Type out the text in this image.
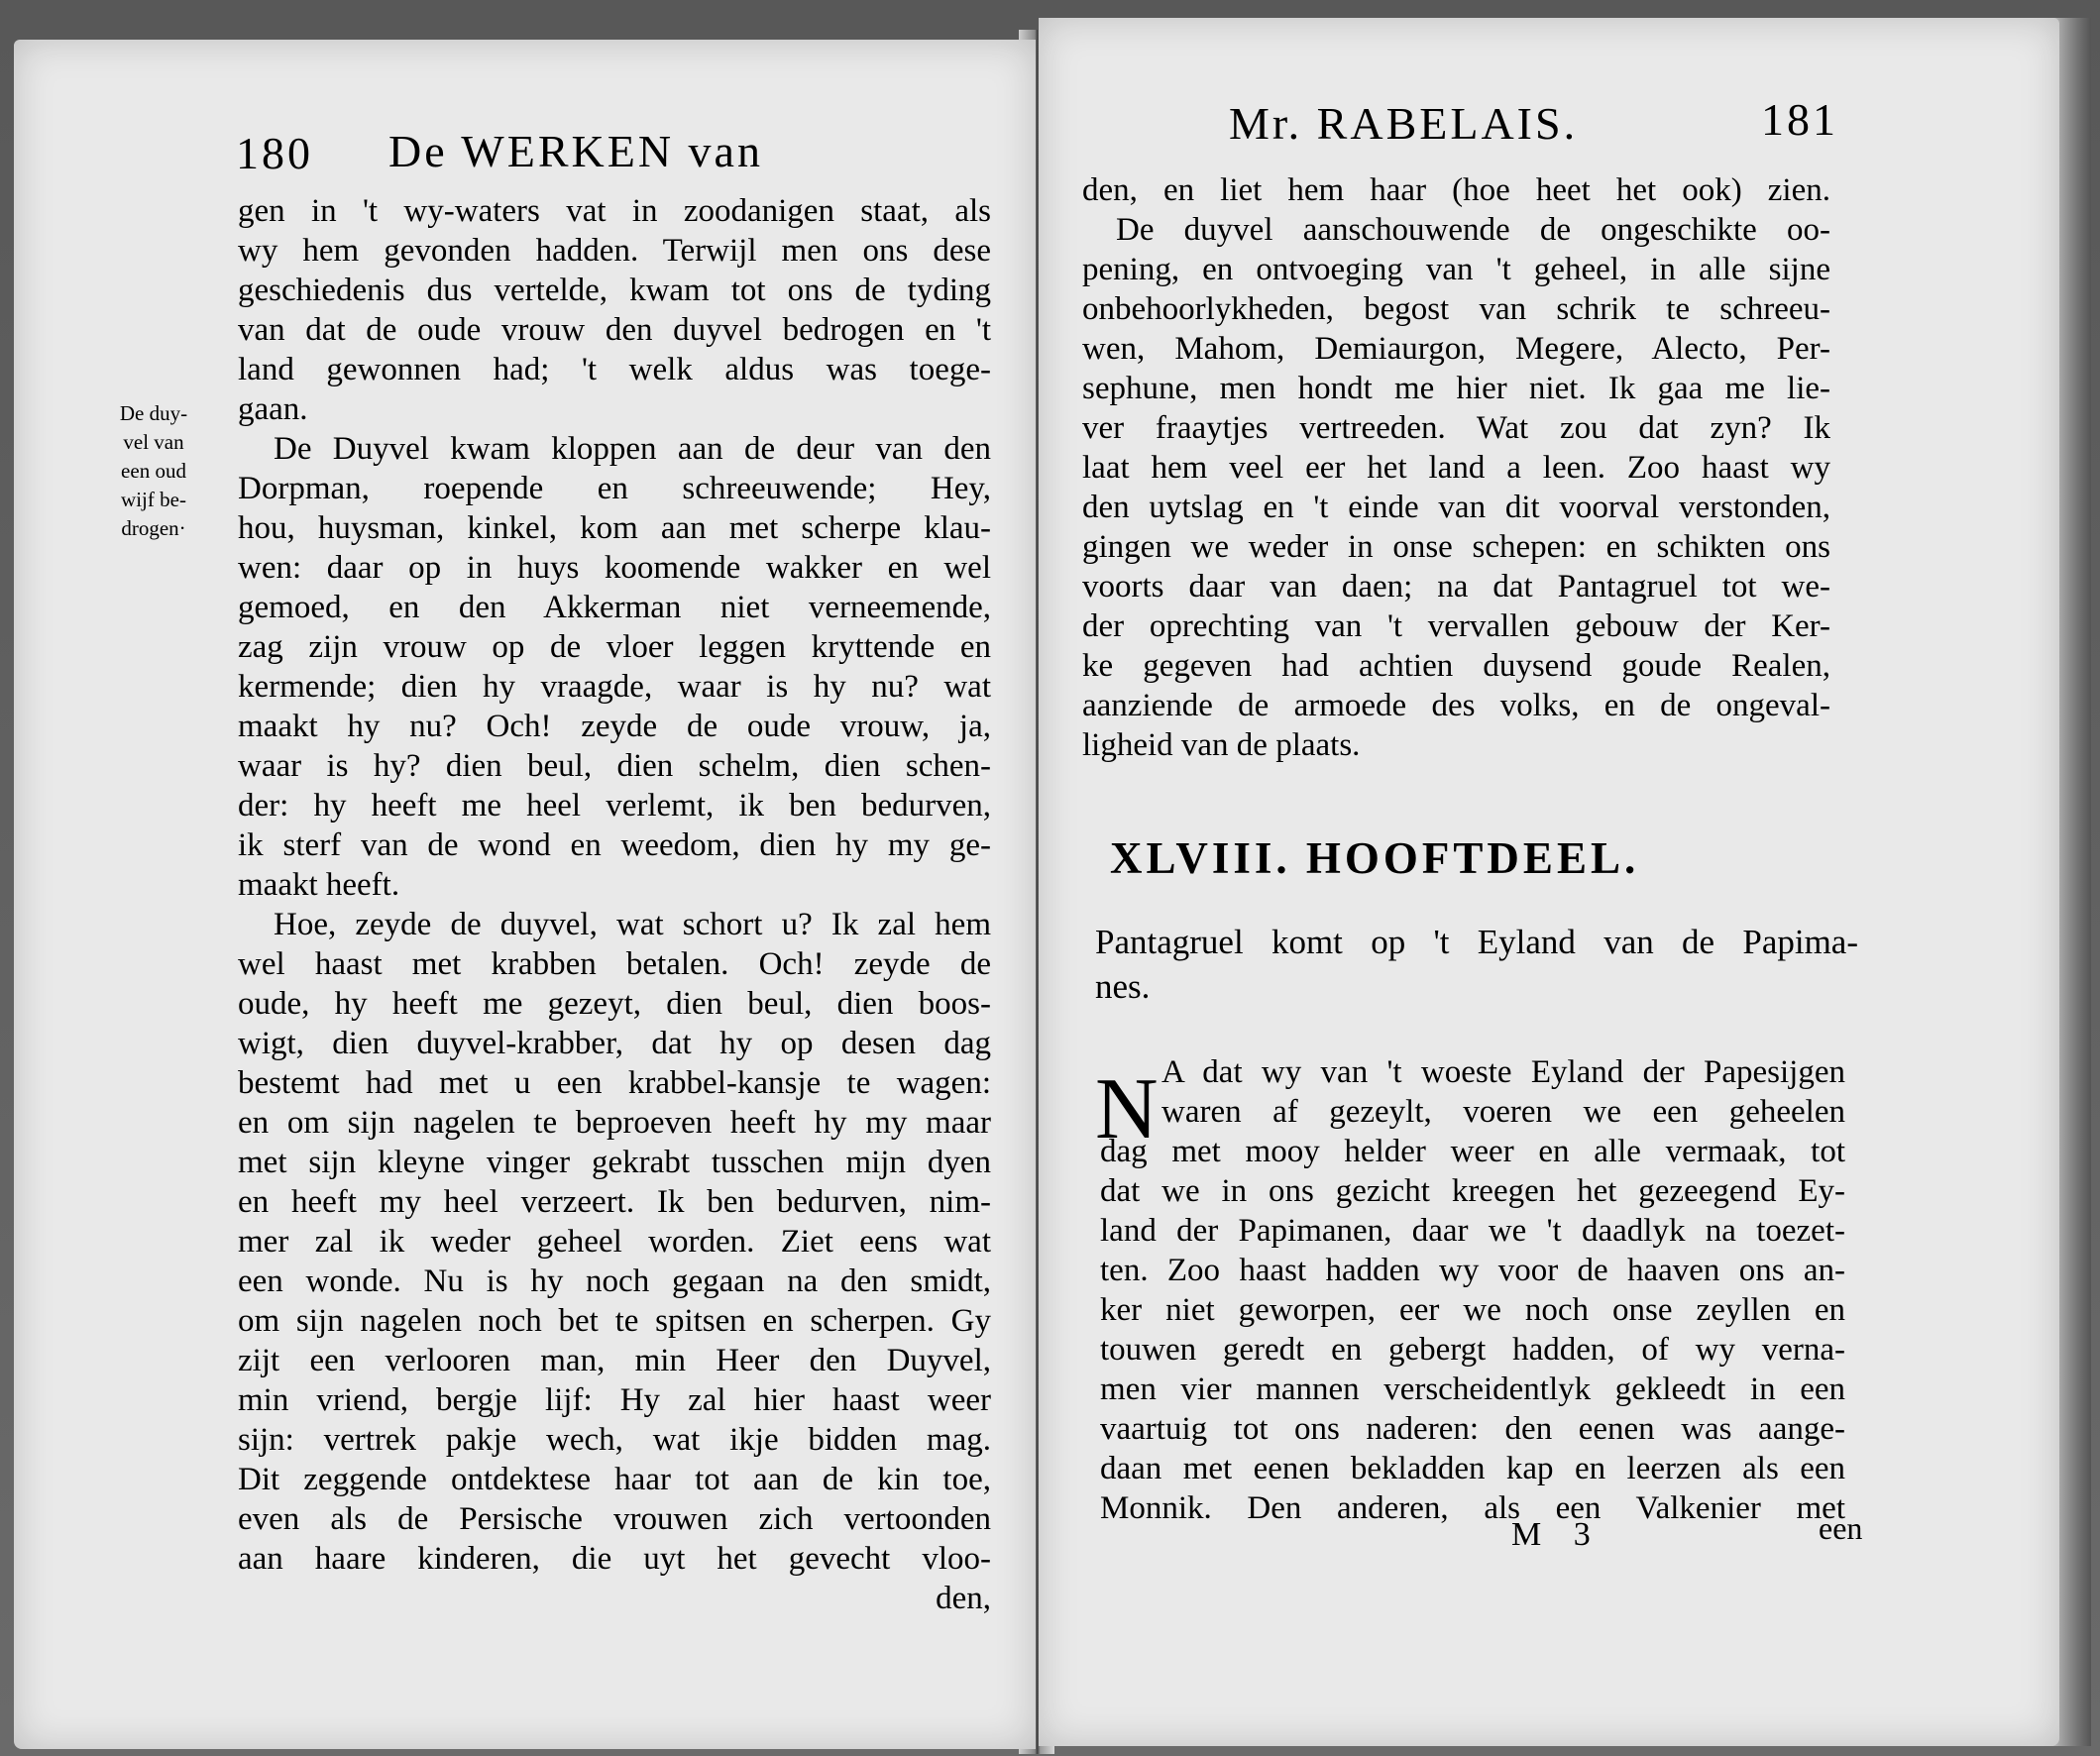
180 De WERKEN van
De duy-
vel van
een oud
wijf be-
drogen·
gen in 't wy-waters vat in zoodanigen staat, als
wy hem gevonden hadden. Terwijl men ons dese
geschiedenis dus vertelde, kwam tot ons de tyding
van dat de oude vrouw den duyvel bedrogen en 't
land gewonnen had; 't welk aldus was toege-
gaan.
De Duyvel kwam kloppen aan de deur van den
Dorpman, roepende en schreeuwende; Hey,
hou, huysman, kinkel, kom aan met scherpe klau-
wen: daar op in huys koomende wakker en wel
gemoed, en den Akkerman niet verneemende,
zag zijn vrouw op de vloer leggen kryttende en
kermende; dien hy vraagde, waar is hy nu? wat
maakt hy nu? Och! zeyde de oude vrouw, ja,
waar is hy? dien beul, dien schelm, dien schen-
der: hy heeft me heel verlemt, ik ben bedurven,
ik sterf van de wond en weedom, dien hy my ge-
maakt heeft.
Hoe, zeyde de duyvel, wat schort u? Ik zal hem
wel haast met krabben betalen. Och! zeyde de
oude, hy heeft me gezeyt, dien beul, dien boos-
wigt, dien duyvel-krabber, dat hy op desen dag
bestemt had met u een krabbel-kansje te wagen:
en om sijn nagelen te beproeven heeft hy my maar
met sijn kleyne vinger gekrabt tusschen mijn dyen
en heeft my heel verzeert. Ik ben bedurven, nim-
mer zal ik weder geheel worden. Ziet eens wat
een wonde. Nu is hy noch gegaan na den smidt,
om sijn nagelen noch bet te spitsen en scherpen. Gy
zijt een verlooren man, min Heer den Duyvel,
min vriend, bergje lijf: Hy zal hier haast weer
sijn: vertrek pakje wech, wat ikje bidden mag.
Dit zeggende ontdektese haar tot aan de kin toe,
even als de Persische vrouwen zich vertoonden
aan haare kinderen, die uyt het gevecht vloo-
den,
Mr. RABELAIS.	181
den, en liet hem haar (hoe heet het ook) zien.
De duyvel aanschouwende de ongeschikte oo-
pening, en ontvoeging van 't geheel, in alle sijne
onbehoorlykheden, begost van schrik te schreeu-
wen, Mahom, Demiaurgon, Megere, Alecto, Per-
sephune, men hondt me hier niet. Ik gaa me lie-
ver fraaytjes vertreeden. Wat zou dat zyn? Ik
laat hem veel eer het land a leen. Zoo haast wy
den uytslag en 't einde van dit voorval verstonden,
gingen we weder in onse schepen: en schikten ons
voorts daar van daen; na dat Pantagruel tot we-
der oprechting van 't vervallen gebouw der Ker-
ke gegeven had achtien duysend goude Realen,
aanziende de armoede des volks, en de ongeval-
ligheid van de plaats.
XLVIII. HOOFTDEEL.
Pantagruel komt op 't Eyland van de Papima-
nes.
N A dat wy van 't woeste Eyland der Papesijgen
waren af gezeylt, voeren we een geheelen
dag met mooy helder weer en alle vermaak, tot
dat we in ons gezicht kreegen het gezeegend Ey-
land der Papimanen, daar we 't daadlyk na toezet-
ten. Zoo haast hadden wy voor de haaven ons an-
ker niet geworpen, eer we noch onse zeyllen en
touwen geredt en gebergt hadden, of wy verna-
men vier mannen verscheidentlyk gekleedt in een
vaartuig tot ons naderen: den eenen was aange-
daan met eenen bekladden kap en leerzen als een
Monnik. Den anderen, als een Valkenier met
M 3	een
